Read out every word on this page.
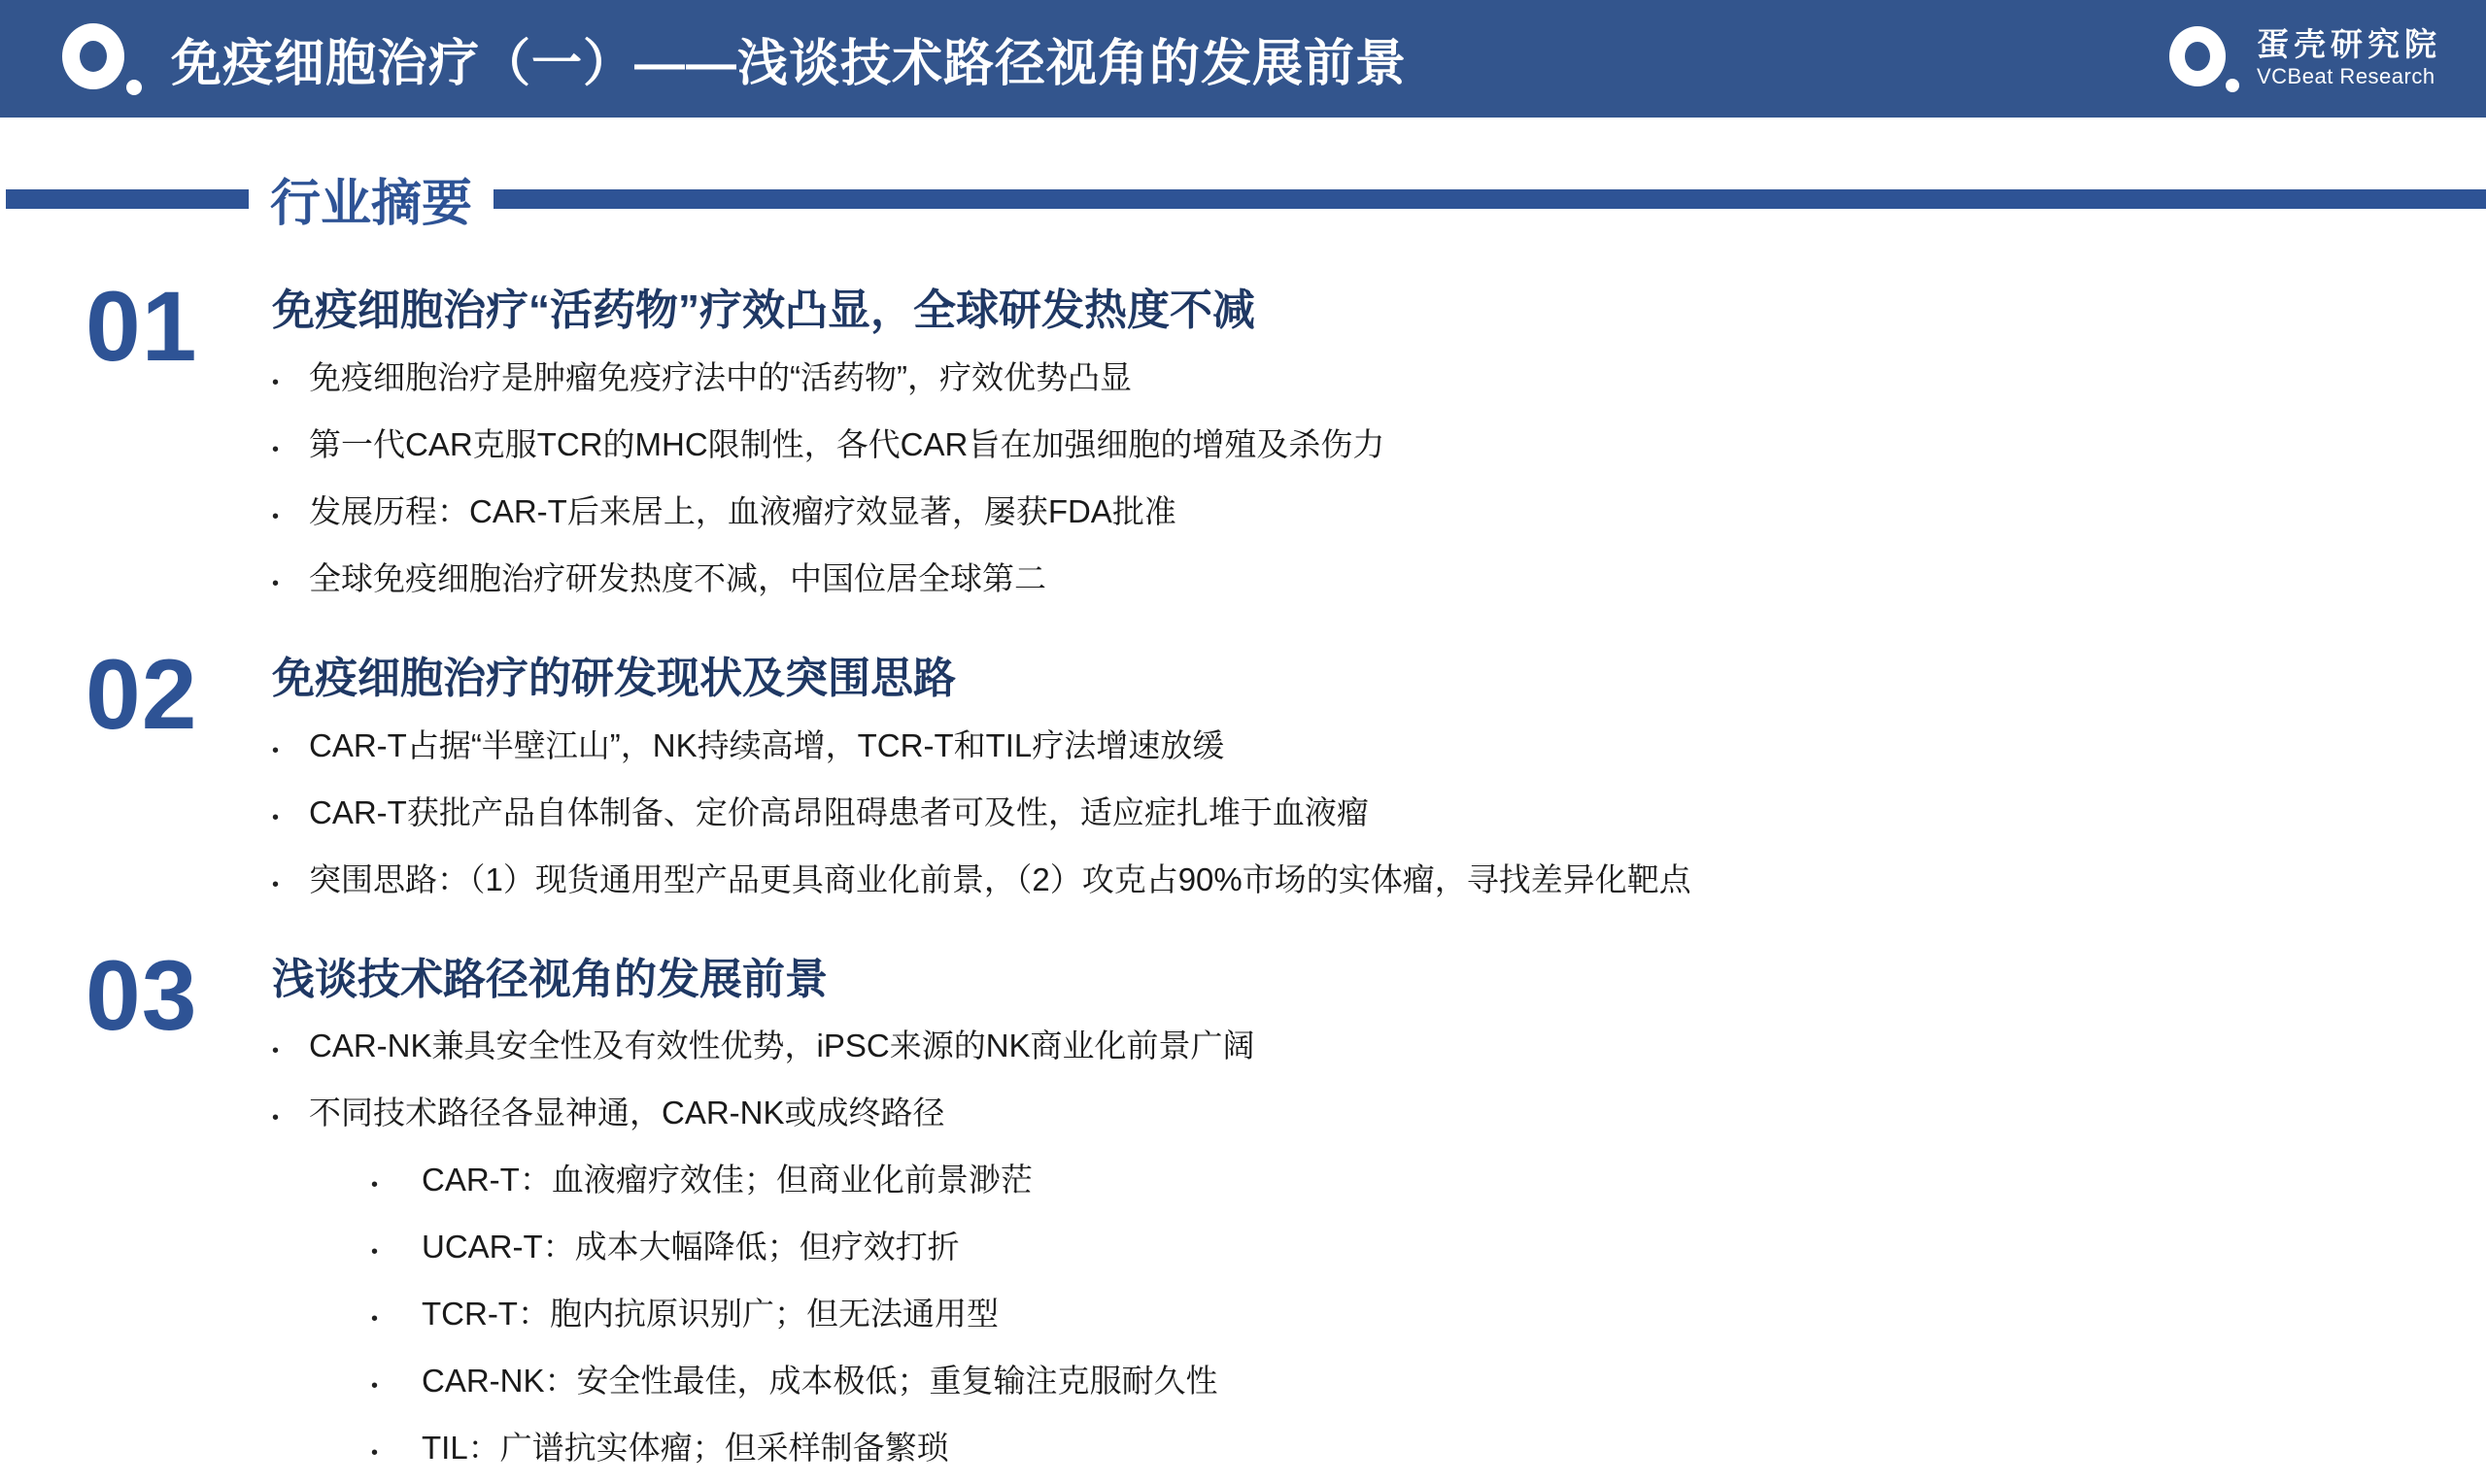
免疫细胞治疗（一）——浅谈技术路径视角的发展前景	蛋壳研究院
VCBeat Research
行业摘要
01	免疫细胞治疗“活药物”疗效凸显，全球研发热度不减
• 免疫细胞治疗是肿瘤免疫疗法中的“活药物”，疗效优势凸显
• 第一代CAR克服TCR的MHC限制性，各代CAR旨在加强细胞的增殖及杀伤力
• 发展历程：CAR-T后来居上，血液瘤疗效显著，屡获FDA批准
• 全球免疫细胞治疗研发热度不减，中国位居全球第二
02	免疫细胞治疗的研发现状及突围思路
• CAR-T占据“半壁江山”，NK持续高增，TCR-T和TIL疗法增速放缓
• CAR-T获批产品自体制备、定价高昂阻碍患者可及性，适应症扎堆于血液瘤
• 突围思路：（1）现货通用型产品更具商业化前景，（2）攻克占90%市场的实体瘤，寻找差异化靶点
03	浅谈技术路径视角的发展前景
• CAR-NK兼具安全性及有效性优势，iPSC来源的NK商业化前景广阔
• 不同技术路径各显神通，CAR-NK或成终路径
•	CAR-T：血液瘤疗效佳；但商业化前景渺茫
•	UCAR-T：成本大幅降低；但疗效打折
•	TCR-T：胞内抗原识别广；但无法通用型
•	CAR-NK：安全性最佳，成本极低；重复输注克服耐久性
•	TIL：广谱抗实体瘤；但采样制备繁琐
